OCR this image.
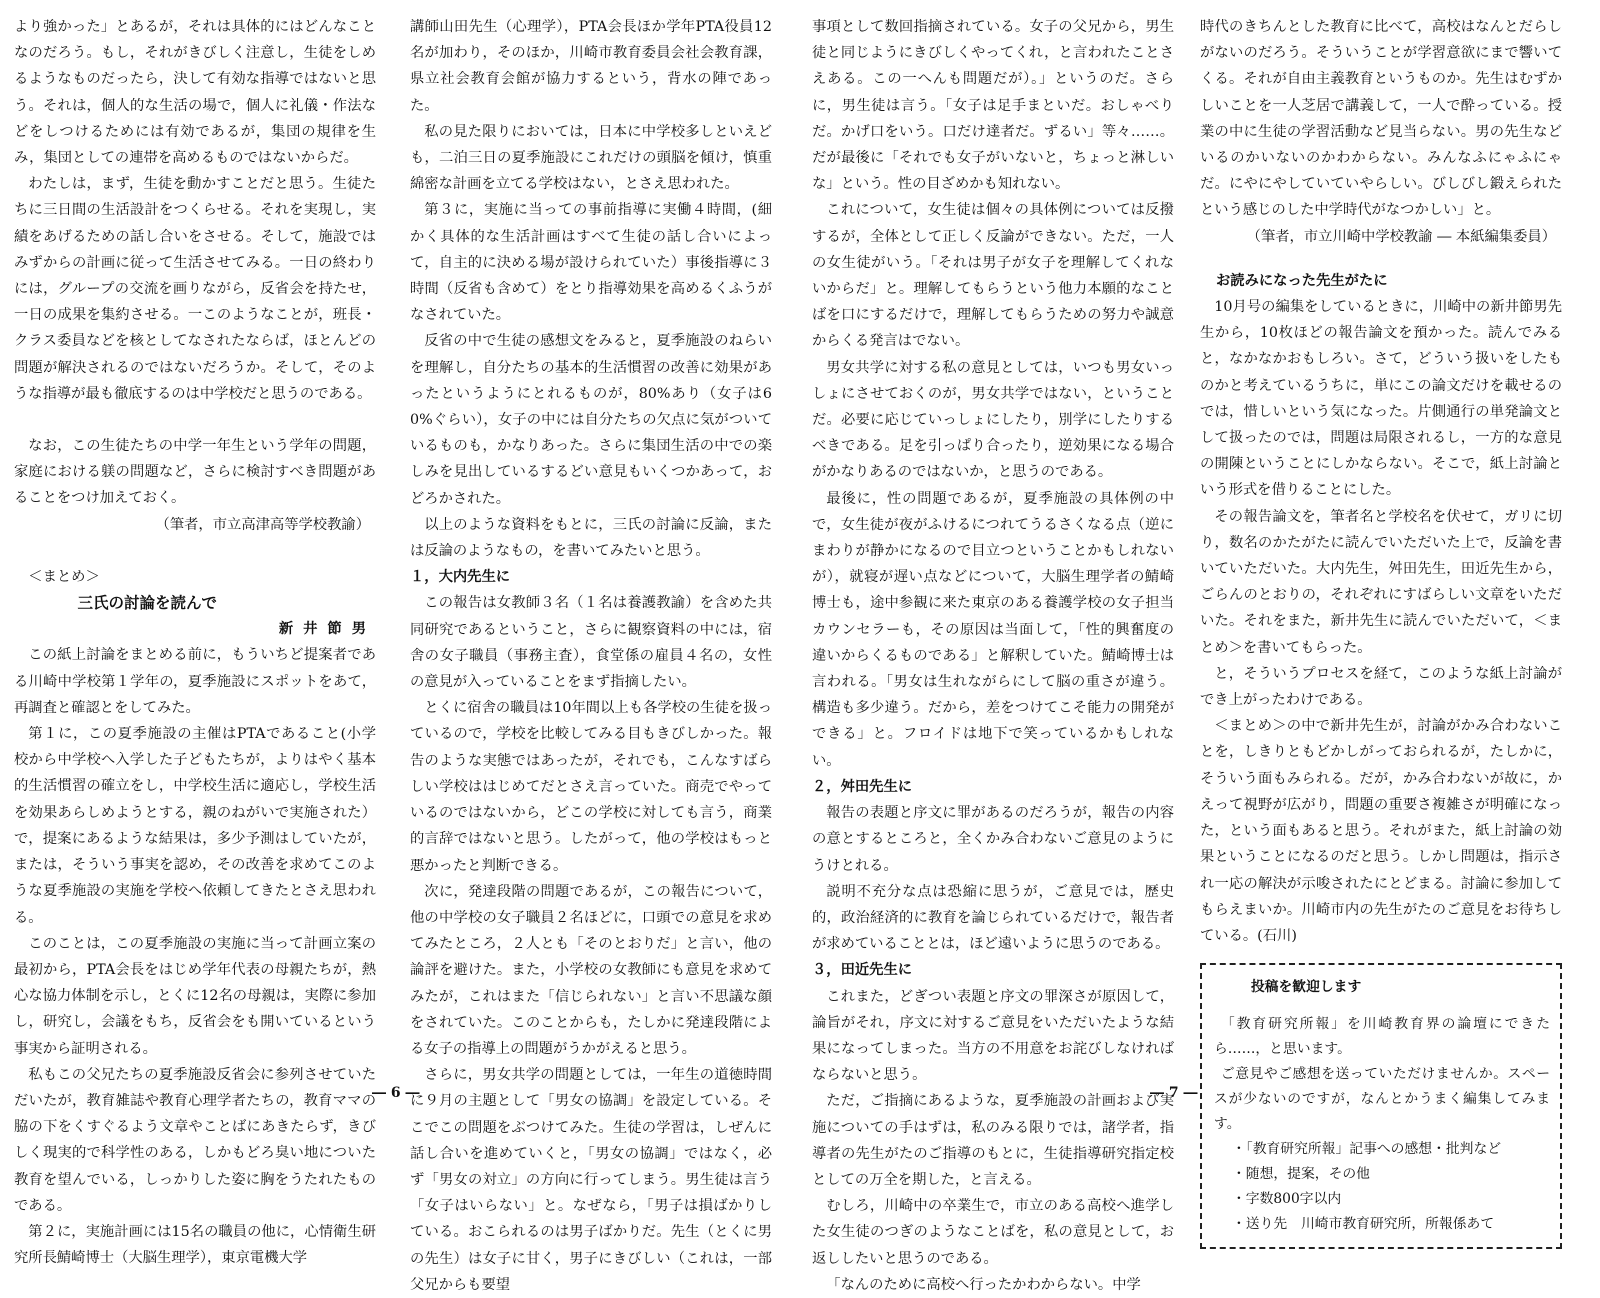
より強かった」とあるが，それは具体的にはどんなことなのだろう。もし，それがきびしく注意し，生徒をしめるようなものだったら，決して有効な指導ではないと思う。それは，個人的な生活の場で，個人に礼儀・作法などをしつけるためには有効であるが，集団の規律を生み，集団としての連帯を高めるものではないからだ。

わたしは，まず，生徒を動かすことだと思う。生徒たちに三日間の生活設計をつくらせる。それを実現し，実績をあげるための話し合いをさせる。そして，施設ではみずからの計画に従って生活させてみる。一日の終わりには，グループの交流を画りながら，反省会を持たせ，一日の成果を集約させる。一このようなことが，班長・クラス委員などを核としてなされたならば，ほとんどの問題が解決されるのではないだろうか。そして，そのような指導が最も徹底するのは中学校だと思うのである。

なお，この生徒たちの中学一年生という学年の問題，家庭における躾の問題など，さらに検討すべき問題があることをつけ加えておく。

（筆者，市立高津高等学校教諭）

＜まとめ＞

三氏の討論を読んで

新井節男

この紙上討論をまとめる前に，もういちど提案者である川崎中学校第１学年の，夏季施設にスポットをあて，再調査と確認とをしてみた。

第１に，この夏季施設の主催はPTAであること(小学校から中学校へ入学した子どもたちが，よりはやく基本的生活慣習の確立をし，中学校生活に適応し，学校生活を効果あらしめようとする，親のねがいで実施された）で，提案にあるような結果は，多少予測はしていたが，または，そういう事実を認め，その改善を求めてこのような夏季施設の実施を学校へ依頼してきたとさえ思われる。

このことは，この夏季施設の実施に当って計画立案の最初から，PTA会長をはじめ学年代表の母親たちが，熱心な協力体制を示し，とくに12名の母親は，実際に参加し，研究し，会議をもち，反省会をも開いているという事実から証明される。

私もこの父兄たちの夏季施設反省会に参列させていただいたが，教育雑誌や教育心理学者たちの，教育ママの脇の下をくすぐるよう文章やことばにあきたらず，きびしく現実的で科学性のある，しかもどろ臭い地についた教育を望んでいる，しっかりした姿に胸をうたれたものである。

第２に，実施計画には15名の職員の他に，心情衛生研究所長鯖崎博士（大脳生理学），東京電機大学

講師山田先生（心理学），PTA会長ほか学年PTA役員12名が加わり，そのほか，川崎市教育委員会社会教育課，県立社会教育会館が協力するという，背水の陣であった。

私の見た限りにおいては，日本に中学校多しといえども，二泊三日の夏季施設にこれだけの頭脳を傾け，慎重綿密な計画を立てる学校はない，とさえ思われた。

第３に，実施に当っての事前指導に実働４時間，(細かく具体的な生活計画はすべて生徒の話し合いによって，自主的に決める場が設けられていた）事後指導に３時間（反省も含めて）をとり指導効果を高めるくふうがなされていた。

反省の中で生徒の感想文をみると，夏季施設のねらいを理解し，自分たちの基本的生活慣習の改善に効果があったというようにとれるものが，80%あり（女子は60%ぐらい），女子の中には自分たちの欠点に気がついているものも，かなりあった。さらに集団生活の中での楽しみを見出しているするどい意見もいくつかあって，おどろかされた。

以上のような資料をもとに，三氏の討論に反論，または反論のようなもの，を書いてみたいと思う。

１，大内先生に

この報告は女教師３名（１名は養護教諭）を含めた共同研究であるということ，さらに観察資料の中には，宿舎の女子職員（事務主査），食堂係の雇員４名の，女性の意見が入っていることをまず指摘したい。

とくに宿舎の職員は10年間以上も各学校の生徒を扱っているので，学校を比較してみる目もきびしかった。報告のような実態ではあったが，それでも，こんなすばらしい学校ははじめてだとさえ言っていた。商売でやっているのではないから，どこの学校に対しても言う，商業的言辞ではないと思う。したがって，他の学校はもっと悪かったと判断できる。

次に，発達段階の問題であるが，この報告について，他の中学校の女子職員２名ほどに，口頭での意見を求めてみたところ，２人とも「そのとおりだ」と言い，他の論評を避けた。また，小学校の女教師にも意見を求めてみたが，これはまた「信じられない」と言い不思議な顔をされていた。このことからも，たしかに発達段階による女子の指導上の問題がうかがえると思う。

さらに，男女共学の問題としては，一年生の道徳時間に９月の主題として「男女の協調」を設定している。そこでこの問題をぶつけてみた。生徒の学習は，しぜんに話し合いを進めていくと，「男女の協調」ではなく，必ず「男女の対立」の方向に行ってしまう。男生徒は言う「女子はいらない」と。なぜなら，「男子は損ばかりしている。おこられるのは男子ばかりだ。先生（とくに男の先生）は女子に甘く，男子にきびしい（これは，一部父兄からも要望

― 6 ―

事項として数回指摘されている。女子の父兄から，男生徒と同じようにきびしくやってくれ，と言われたことさえある。この一へんも問題だが）。」というのだ。さらに，男生徒は言う。「女子は足手まといだ。おしゃべりだ。かげ口をいう。口だけ達者だ。ずるい」等々……。だが最後に「それでも女子がいないと，ちょっと淋しいな」という。性の目ざめかも知れない。

これについて，女生徒は個々の具体例については反撥するが，全体として正しく反論ができない。ただ，一人の女生徒がいう。「それは男子が女子を理解してくれないからだ」と。理解してもらうという他力本願的なことばを口にするだけで，理解してもらうための努力や誠意からくる発言はでない。

男女共学に対する私の意見としては，いつも男女いっしょにさせておくのが，男女共学ではない，ということだ。必要に応じていっしょにしたり，別学にしたりするべきである。足を引っぱり合ったり，逆効果になる場合がかなりあるのではないか，と思うのである。

最後に，性の問題であるが，夏季施設の具体例の中で，女生徒が夜がふけるにつれてうるさくなる点（逆にまわりが静かになるので目立つということかもしれないが），就寝が遅い点などについて，大脳生理学者の鯖崎博士も，途中参観に来た東京のある養護学校の女子担当カウンセラーも，その原因は当面して，「性的興奮度の違いからくるものである」と解釈していた。鯖崎博士は言われる。「男女は生れながらにして脳の重さが違う。構造も多少違う。だから，差をつけてこそ能力の開発ができる」と。フロイドは地下で笑っているかもしれない。

２，舛田先生に

報告の表題と序文に罪があるのだろうが，報告の内容の意とするところと，全くかみ合わないご意見のようにうけとれる。

説明不充分な点は恐縮に思うが，ご意見では，歴史的，政治経済的に教育を論じられているだけで，報告者が求めていることとは，ほど遠いように思うのである。

３，田近先生に

これまた，どぎつい表題と序文の罪深さが原因して，論旨がそれ，序文に対するご意見をいただいたような結果になってしまった。当方の不用意をお詫びしなければならないと思う。

ただ，ご指摘にあるような，夏季施設の計画および実施についての手はずは，私のみる限りでは，諸学者，指導者の先生がたのご指導のもとに，生徒指導研究指定校としての万全を期した，と言える。

むしろ，川崎中の卒業生で，市立のある高校へ進学した女生徒のつぎのようなことばを，私の意見として，お返ししたいと思うのである。

「なんのために高校へ行ったかわからない。中学

時代のきちんとした教育に比べて，高校はなんとだらしがないのだろう。そういうことが学習意欲にまで響いてくる。それが自由主義教育というものか。先生はむずかしいことを一人芝居で講義して，一人で酔っている。授業の中に生徒の学習活動など見当らない。男の先生などいるのかいないのかわからない。みんなふにゃふにゃだ。にやにやしていていやらしい。びしびし鍛えられたという感じのした中学時代がなつかしい」と。

（筆者，市立川崎中学校教諭 ― 本紙編集委員）

お読みになった先生がたに

10月号の編集をしているときに，川崎中の新井節男先生から，10枚ほどの報告論文を預かった。読んでみると，なかなかおもしろい。さて，どういう扱いをしたものかと考えているうちに，単にこの論文だけを載せるのでは，惜しいという気になった。片側通行の単発論文として扱ったのでは，問題は局限されるし，一方的な意見の開陳ということにしかならない。そこで，紙上討論という形式を借りることにした。

その報告論文を，筆者名と学校名を伏せて，ガリに切り，数名のかたがたに読んでいただいた上で，反論を書いていただいた。大内先生，舛田先生，田近先生から，ごらんのとおりの，それぞれにすばらしい文章をいただいた。それをまた，新井先生に読んでいただいて，＜まとめ＞を書いてもらった。

と，そういうプロセスを経て，このような紙上討論ができ上がったわけである。

＜まとめ＞の中で新井先生が，討論がかみ合わないことを，しきりともどかしがっておられるが，たしかに，そういう面もみられる。だが，かみ合わないが故に，かえって視野が広がり，問題の重要さ複雑さが明確になった，という面もあると思う。それがまた，紙上討論の効果ということになるのだと思う。しかし問題は，指示され一応の解決が示唆されたにとどまる。討論に参加してもらえまいか。川崎市内の先生がたのご意見をお待ちしている。(石川)

投稿を歓迎します

「教育研究所報」を川崎教育界の論壇にできたら……，と思います。

ご意見やご感想を送っていただけませんか。スペースが少ないのですが，なんとかうまく編集してみます。

・ 「教育研究所報」記事への感想・批判など
・ 随想，提案，その他
・ 字数800字以内
・ 送り先　川崎市教育研究所，所報係あて
― 7 ―
